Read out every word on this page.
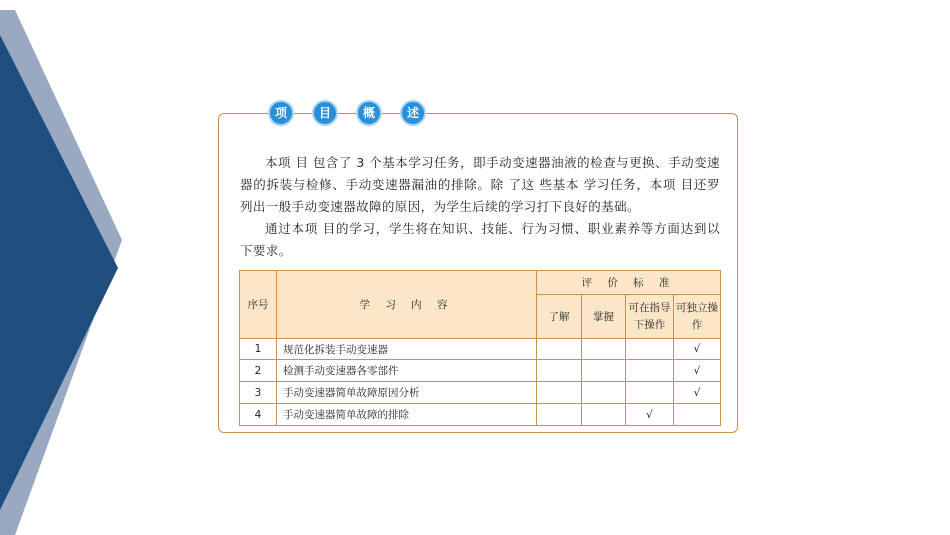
项	目	概	述

本项 目 包含了 3 个基本学习任务，即手动变速器油液的检查与更换、手动变速器的拆装与检修、手动变速器漏油的排除。除 了这 些基本 学习任务，本项 目还罗列出一般手动变速器故障的原因，为学生后续的学习打下良好的基础。

通过本项 目的学习，学生将在知识、技能、行为习惯、职业素养等方面达到以下要求。

序号	学 习 内 容	评 价 标 准			
		了解	掌握	可在指导下操作	可独立操作
1	规范化拆装手动变速器				√
2	检测手动变速器各零部件				√
3	手动变速器简单故障原因分析				√
4	手动变速器简单故障的排除			√	
